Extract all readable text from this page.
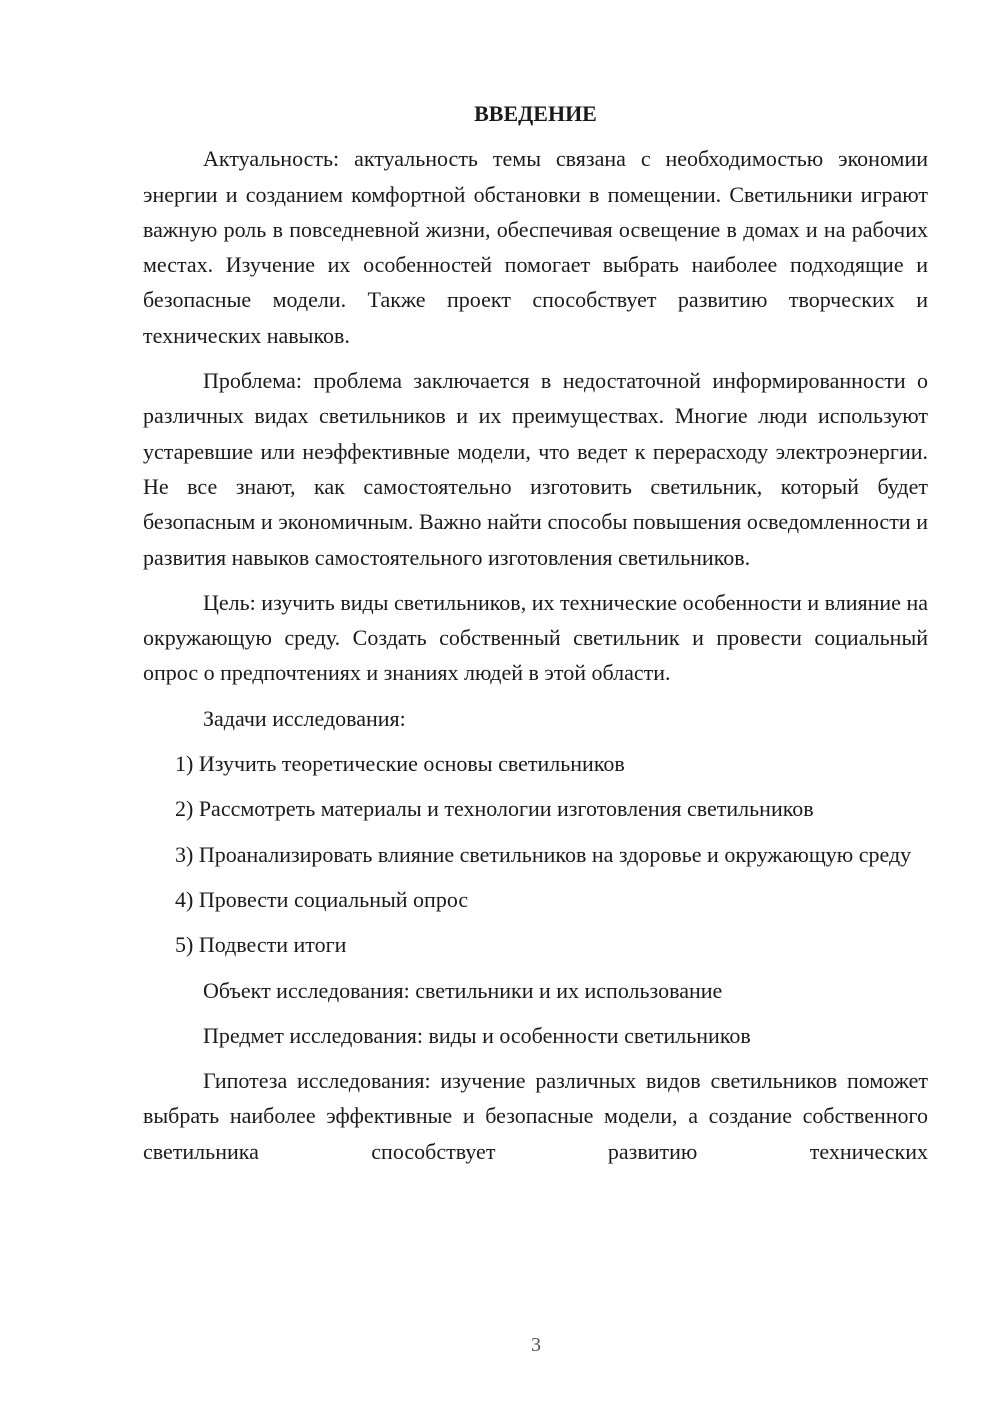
ВВЕДЕНИЕ

Актуальность: актуальность темы связана с необходимостью экономии энергии и созданием комфортной обстановки в помещении. Светильники играют важную роль в повседневной жизни, обеспечивая освещение в домах и на рабочих местах. Изучение их особенностей помогает выбрать наиболее подходящие и безопасные модели. Также проект способствует развитию творческих и технических навыков.

Проблема: проблема заключается в недостаточной информированности о различных видах светильников и их преимуществах. Многие люди используют устаревшие или неэффективные модели, что ведет к перерасходу электроэнергии. Не все знают, как самостоятельно изготовить светильник, который будет безопасным и экономичным. Важно найти способы повышения осведомленности и развития навыков самостоятельного изготовления светильников.

Цель: изучить виды светильников, их технические особенности и влияние на окружающую среду. Создать собственный светильник и провести социальный опрос о предпочтениях и знаниях людей в этой области.

Задачи исследования:

1) Изучить теоретические основы светильников

2) Рассмотреть материалы и технологии изготовления светильников

3) Проанализировать влияние светильников на здоровье и окружающую среду

4) Провести социальный опрос

5) Подвести итоги

Объект исследования: светильники и их использование

Предмет исследования: виды и особенности светильников

Гипотеза исследования: изучение различных видов светильников поможет выбрать наиболее эффективные и безопасные модели, а создание собственного светильника способствует развитию технических

3
